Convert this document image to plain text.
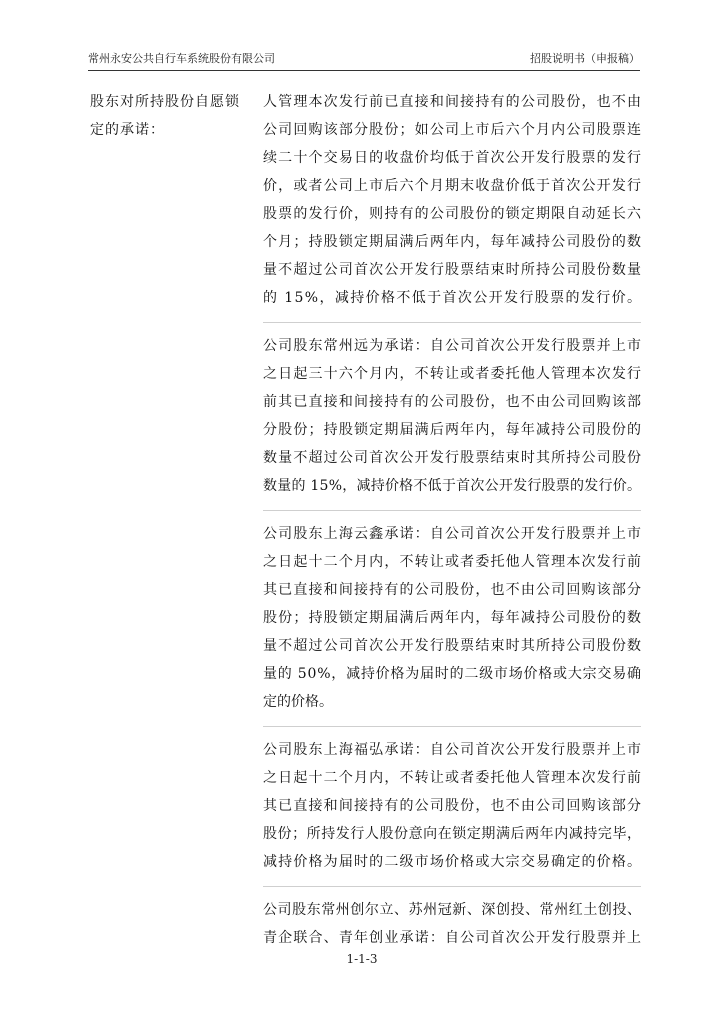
常州永安公共自行车系统股份有限公司	招股说明书（申报稿）
股东对所持股份自愿锁
定的承诺：

人管理本次发行前已直接和间接持有的公司股份，也不由

公司回购该部分股份；如公司上市后六个月内公司股票连

续二十个交易日的收盘价均低于首次公开发行股票的发行

价，或者公司上市后六个月期末收盘价低于首次公开发行

股票的发行价，则持有的公司股份的锁定期限自动延长六

个月；持股锁定期届满后两年内，每年减持公司股份的数

量不超过公司首次公开发行股票结束时所持公司股份数量

的 15%，减持价格不低于首次公开发行股票的发行价。

公司股东常州远为承诺：自公司首次公开发行股票并上市

之日起三十六个月内，不转让或者委托他人管理本次发行

前其已直接和间接持有的公司股份，也不由公司回购该部

分股份；持股锁定期届满后两年内，每年减持公司股份的

数量不超过公司首次公开发行股票结束时其所持公司股份

数量的 15%，减持价格不低于首次公开发行股票的发行价。

公司股东上海云鑫承诺：自公司首次公开发行股票并上市

之日起十二个月内，不转让或者委托他人管理本次发行前

其已直接和间接持有的公司股份，也不由公司回购该部分

股份；持股锁定期届满后两年内，每年减持公司股份的数

量不超过公司首次公开发行股票结束时其所持公司股份数

量的 50%，减持价格为届时的二级市场价格或大宗交易确

定的价格。

公司股东上海福弘承诺：自公司首次公开发行股票并上市

之日起十二个月内，不转让或者委托他人管理本次发行前

其已直接和间接持有的公司股份，也不由公司回购该部分

股份；所持发行人股份意向在锁定期满后两年内减持完毕，

减持价格为届时的二级市场价格或大宗交易确定的价格。

公司股东常州创尔立、苏州冠新、深创投、常州红土创投、

青企联合、青年创业承诺：自公司首次公开发行股票并上

1-1-3
